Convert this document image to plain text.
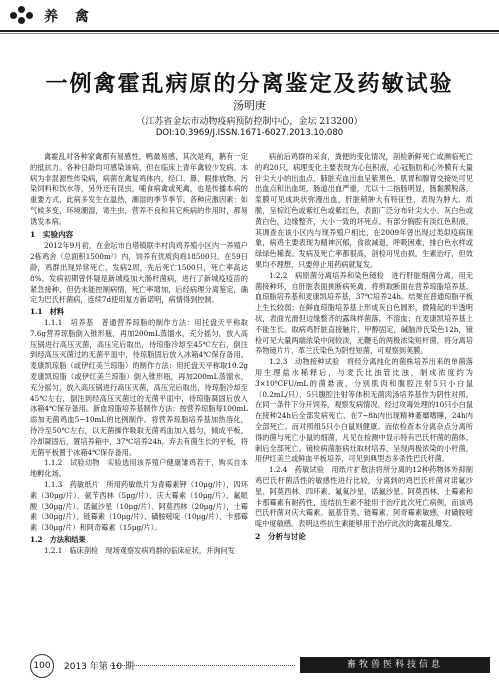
养 禽
一例禽霍乱病原的分离鉴定及药敏试验
汤明庚
（江苏省金坛市动物疫病预防控制中心，金坛 213200）
DOI:10.3969/J.ISSN.1671-6027.2013.10.080

禽霍乱对各种家禽都有易感性，鸭最易感，其次是鸡，鹅有一定的抵抗力。各种日龄均可感染该病，但在临床上青年禽较少发病。本病为非混源性传染病，病菌在禽复鸡体内，经口、鼻、眼排放物、污染饲料和饮水等，另外还有昆虫，哺食病禽或死禽，也是传播本病的重要方式，此病多发生在温热，潮湿的季节季节。各种应激因素：如气候多变，环境潮湿，寄生虫，营养不良和其它疾病的作用时，都易诱发本病。

1　实验内容

2012年9月初，在金坛市白塔镇联丰村肉鸡养殖小区内一养殖户2栋鸡舍（总面积1500m²）内，饲养有优质肉鸡18500只。在59日龄，鸡群出现异常死亡，发病2周，先后死亡1500只，死亡率高达8%。发病初期曾怀疑是新城疫加大肠杆菌病，进行了新城疫疫苗的紧急接种，但仍未能控制病情，死亡率增加，后经病理分离鉴定，确定为巴氏杆菌病，连续7d使用复方新诺明，病情得到控制。

1.1　材料

1.1.1　培养基　普通营养琼脂的制作方法：用托盘天平称取7.6g营养琼脂倒入锥形瓶，再加200mL蒸馏水，充分摇匀，放入高压锅进行高压灭菌，高压完后取出，待琼脂冷却至45℃左右，倒注到经高压灭菌过的无菌平皿中，待琼脂固后放入冰箱4℃保存备用。麦康凯琼脂（或伊红美兰琼脂）的制作方法：用托盘天平称取10.2g麦康凯琼脂（或伊红美兰琼脂）倒入锥形瓶，再加200mL蒸馏水，充分摇匀，放入高压锅进行高压灭菌，高压完后取出，待琼脂冷却至45℃左右，倒注到经高压灭菌过的无菌平皿中，待琼脂凝固后放入冰箱4℃保存备用。新血琼脂培养基制作方法：按营养琼脂每100mL添加无菌鸡血5~10mL的比例制作。将营养琼脂培养基加热溶化，待冷至50℃左右，以无菌操作吸取无菌鸡血加入摇匀，倾成平板，冷却凝固后，置培养箱中，37℃培养24h，弃去有菌生长的平板，将无菌平板置于冰箱4℃保存备用。

1.1.2　试验动物　实验选用该养殖户健康雏鸡若干，购买自本地孵化场。

1.1.3　药敏纸片　所用药敏纸片为青霉素钾（10μg/片），四环素（30μg/片）、氨苄西林（5μg/片）、庆大霉素（10μg/片）、氟哌酸（30μg/片）、诺氟沙星（10μg/片）、阿莫西林（20μg/片），土霉素（30μg/片）、链霉素（10μg/片）、磺胺嘧啶（10μg/片）、卡那霉素（30μg/片）和阿奇霉素（15μg/片）。

1.2　方法和结果

1.2.1　临床剖检　现场观察发病鸡群的临床症状，并询问发

病前后鸡群的采食，粪便的变化情况，剖检新鲜死亡或濒临死亡的鸡20只，病理变化主要表现为心包积液，心冠脂肪和心外膜有大量针尖大小的出血点，肺脏充血出血呈紫黑色，肌胃和腺胃交接处可见出血点和出血斑，肠道出血严重，尤以十二指肠明显，肠黏膜脱落，浆膜可见成块状弥漫出血，肝脏稍肿大有特征性，表现为肿大、质脆，呈棕红色或紫红色或紫红色，表面广泛分布针尖大小、灰白色或黄白色，边缘整齐，大小一致的坏死点。有部分胸腔有淡红色积液，其调查在该小区内与现养殖户相比，在2009年曾出现过类似疫病现象，病鸡主要表现为精神沉郁，食欲减退，呼吸困难，排白色水样或绿绿色稀粪。发病及死亡率都很高，剖检可见由损，生素治疗，但效果均不理想，只要停止用药病就复发。

1.2.2　病原菌分离培养和染色镜检　进行肝脏细菌分离，用无菌接种环，自肝脏表面挑断病死禽，将剪取断面在营养琼脂培养基、血琼脂培养基和麦康凯培养基，37℃培养24h。结果在普通琼脂平板上生长较弱；在鲜血琼脂培养基上形成灰白色圆形，微隆起的半透明状，表面光滑但边缘整齐的露珠样菌落，不溶血；在麦康凯培养基上不能生长。取病鸡肝脏直接触片，甲醇固定，碱脑涉氏染色12h，镜检可见大量两端浓染中间较淡，无鞭毛的两极浓染短杆菌，将分离培养物镜片片，革兰氏染色为阴性短菌，可观察到荚膜。

1.2.3　动物接种试验　将经分离纯化的菌株培养出来的单菌落用生理盐水稀释后，与麦氏比浊管比浊，制成浓度约为3×10⁸CFU/mL的菌悬液，分别肌肉和腹腔注射5只小白鼠（0.2mL/只），5只腹腔注射等体积无菌肉汤培养基作为阴性对照。在同一条件下分开饲养，观察发病情况。经过攻毒处理的10只小白鼠在接种24h后全部发病死亡，在7~8h内出现精神萎靡嗜睡，24h内全部死亡。而对照组5只小白鼠则健康。而依检查本分离杂点分离所得的菌与死亡小鼠的细菌，凡见在检测中显示特有巴氏杆菌的菌体。刺后全部死亡。镜检病菌脏病灶取材培养，呈现两极浓染的小杆菌，用伊红美兰或鲜血平板培养，可见到典型态多杀性巴氏杆菌。

1.2.4　药敏试验　用纸片扩散法将所分离的12种药物体外抑制鸡巴氏杆菌活性的敏感性进行比较，分离到的鸡巴氏杆菌对诺氟沙星、阿莫西林、四环素、氟氧沙星、诺氟沙星、阿莫西林、土霉素和卡那霉素有耐药性，连结抗生素不能用于治疗此次死亡病例，而该鸡巴氏杆菌对庆大霉素、氨基苷类、链霉素、阿奇霉素敏感，对磺胺嘧啶中度敏感。表明这些抗生素能够用于治疗此次的禽霍乱爆发。

2　分析与讨论
100	2013 年第 10 期	畜牧兽医科技信息
